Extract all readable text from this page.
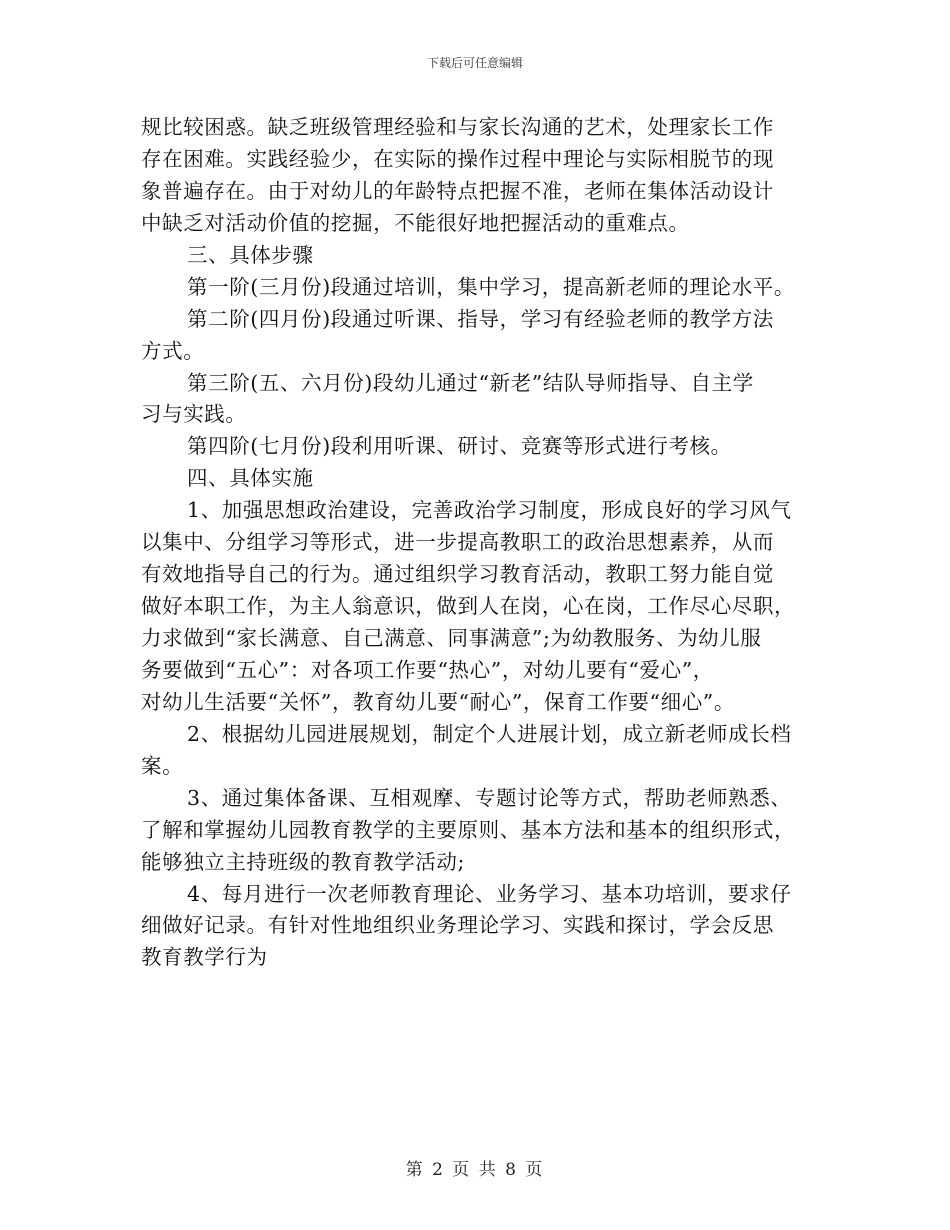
下载后可任意编辑
规比较困惑。缺乏班级管理经验和与家长沟通的艺术，处理家长工作
存在困难。实践经验少，在实际的操作过程中理论与实际相脱节的现
象普遍存在。由于对幼儿的年龄特点把握不准，老师在集体活动设计
中缺乏对活动价值的挖掘，不能很好地把握活动的重难点。
三、具体步骤
第一阶(三月份)段通过培训，集中学习，提高新老师的理论水平。
第二阶(四月份)段通过听课、指导，学习有经验老师的教学方法
方式。
第三阶(五、六月份)段幼儿通过“新老”结队导师指导、自主学
习与实践。
第四阶(七月份)段利用听课、研讨、竞赛等形式进行考核。
四、具体实施
1、加强思想政治建设，完善政治学习制度，形成良好的学习风气
以集中、分组学习等形式，进一步提高教职工的政治思想素养，从而
有效地指导自己的行为。通过组织学习教育活动，教职工努力能自觉
做好本职工作，为主人翁意识，做到人在岗，心在岗，工作尽心尽职，
力求做到“家长满意、自己满意、同事满意”;为幼教服务、为幼儿服
务要做到“五心”：对各项工作要“热心”，对幼儿要有“爱心”，
对幼儿生活要“关怀”，教育幼儿要“耐心”，保育工作要“细心”。
2、根据幼儿园进展规划，制定个人进展计划，成立新老师成长档
案。
3、通过集体备课、互相观摩、专题讨论等方式，帮助老师熟悉、
了解和掌握幼儿园教育教学的主要原则、基本方法和基本的组织形式，
能够独立主持班级的教育教学活动;
4、每月进行一次老师教育理论、业务学习、基本功培训，要求仔
细做好记录。有针对性地组织业务理论学习、实践和探讨，学会反思
教育教学行为
第 2 页 共 8 页
